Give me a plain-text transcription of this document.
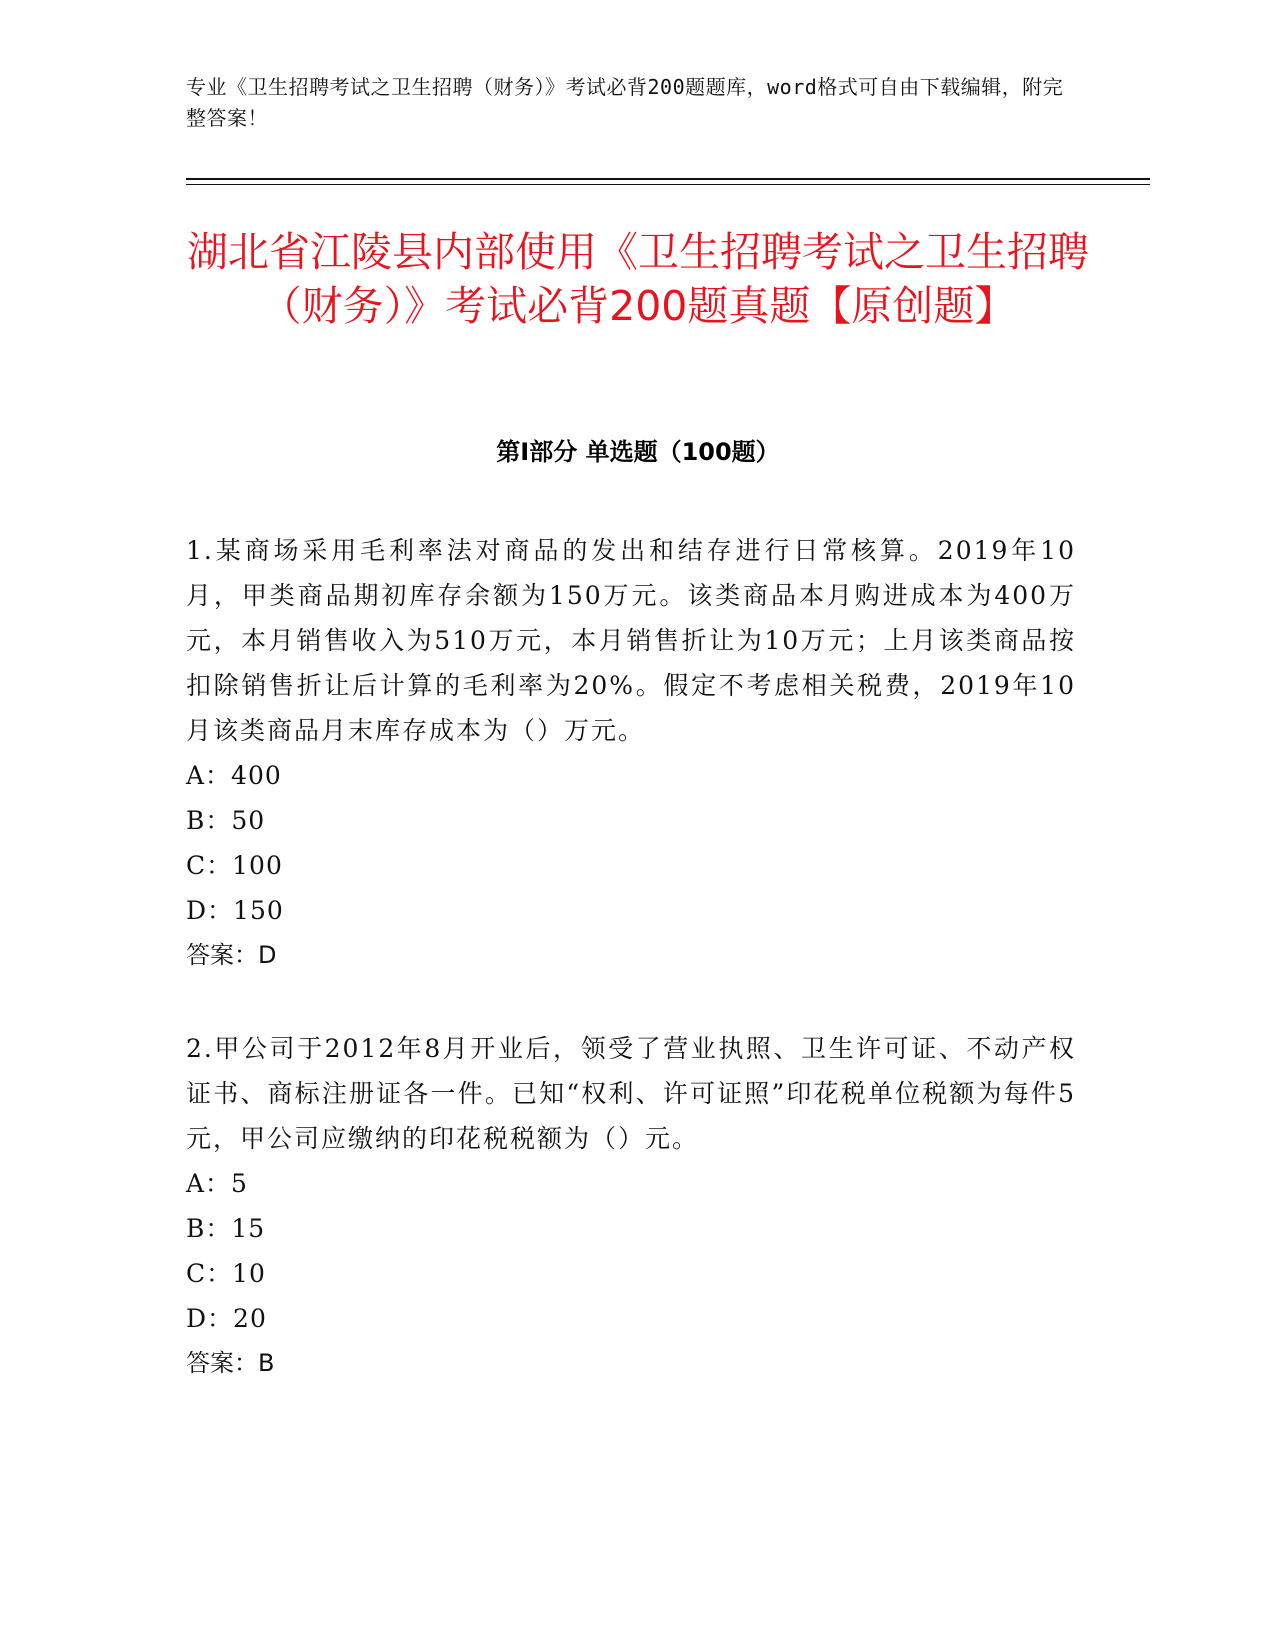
专业《卫生招聘考试之卫生招聘（财务）》考试必背200题题库，word格式可自由下载编辑，附完整答案！
湖北省江陵县内部使用《卫生招聘考试之卫生招聘（财务）》考试必背200题真题【原创题】
第Ⅰ部分 单选题（100题）

1.某商场采用毛利率法对商品的发出和结存进行日常核算。2019年10月，甲类商品期初库存余额为150万元。该类商品本月购进成本为400万元，本月销售收入为510万元，本月销售折让为10万元；上月该类商品按扣除销售折让后计算的毛利率为20%。假定不考虑相关税费，2019年10月该类商品月末库存成本为（）万元。

A：400

B：50

C：100

D：150

答案：D

2.甲公司于2012年8月开业后，领受了营业执照、卫生许可证、不动产权证书、商标注册证各一件。已知“权利、许可证照”印花税单位税额为每件5元，甲公司应缴纳的印花税税额为（）元。

A：5

B：15

C：10

D：20

答案：B
